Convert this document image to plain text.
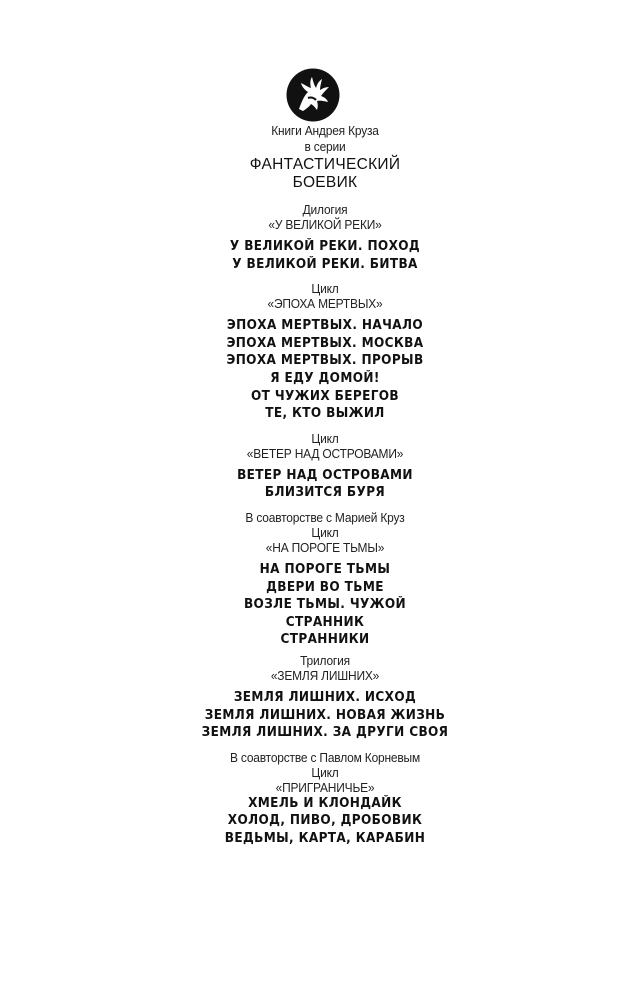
Книги Андрея Круза
в серии
ФАНТАСТИЧЕСКИЙ
БОЕВИК
Дилогия
«У ВЕЛИКОЙ РЕКИ»
У ВЕЛИКОЙ РЕКИ. ПОХОД
У ВЕЛИКОЙ РЕКИ. БИТВА
Цикл
«ЭПОХА МЕРТВЫХ»
ЭПОХА МЕРТВЫХ. НАЧАЛО
ЭПОХА МЕРТВЫХ. МОСКВА
ЭПОХА МЕРТВЫХ. ПРОРЫВ
Я ЕДУ ДОМОЙ!
ОТ ЧУЖИХ БЕРЕГОВ
ТЕ, КТО ВЫЖИЛ
Цикл
«ВЕТЕР НАД ОСТРОВАМИ»
ВЕТЕР НАД ОСТРОВАМИ
БЛИЗИТСЯ БУРЯ
В соавторстве с Марией Круз
Цикл
«НА ПОРОГЕ ТЬМЫ»
НА ПОРОГЕ ТЬМЫ
ДВЕРИ ВО ТЬМЕ
ВОЗЛЕ ТЬМЫ. ЧУЖОЙ
СТРАННИК
СТРАННИКИ
Трилогия
«ЗЕМЛЯ ЛИШНИХ»
ЗЕМЛЯ ЛИШНИХ. ИСХОД
ЗЕМЛЯ ЛИШНИХ. НОВАЯ ЖИЗНЬ
ЗЕМЛЯ ЛИШНИХ. ЗА ДРУГИ СВОЯ
В соавторстве с Павлом Корневым
Цикл
«ПРИГРАНИЧЬЕ»
ХМЕЛЬ И КЛОНДАЙК
ХОЛОД, ПИВО, ДРОБОВИК
ВЕДЬМЫ, КАРТА, КАРАБИН
